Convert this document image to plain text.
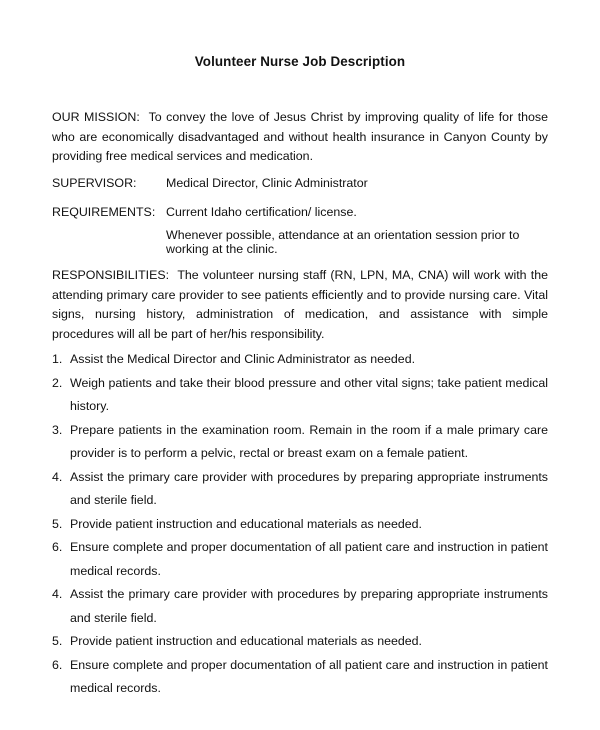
Volunteer Nurse Job Description

OUR MISSION: To convey the love of Jesus Christ by improving quality of life for those who are economically disadvantaged and without health insurance in Canyon County by providing free medical services and medication.

SUPERVISOR: Medical Director, Clinic Administrator
REQUIREMENTS: Current Idaho certification/ license.
Whenever possible, attendance at an orientation session prior to working at the clinic.

RESPONSIBILITIES: The volunteer nursing staff (RN, LPN, MA, CNA) will work with the attending primary care provider to see patients efficiently and to provide nursing care. Vital signs, nursing history, administration of medication, and assistance with simple procedures will all be part of her/his responsibility.

1. Assist the Medical Director and Clinic Administrator as needed.
2. Weigh patients and take their blood pressure and other vital signs; take patient medical history.
3. Prepare patients in the examination room. Remain in the room if a male primary care provider is to perform a pelvic, rectal or breast exam on a female patient.
4. Assist the primary care provider with procedures by preparing appropriate instruments and sterile field.
5. Provide patient instruction and educational materials as needed.
6. Ensure complete and proper documentation of all patient care and instruction in patient medical records.
4. Assist the primary care provider with procedures by preparing appropriate instruments and sterile field.
5. Provide patient instruction and educational materials as needed.
6. Ensure complete and proper documentation of all patient care and instruction in patient medical records.
